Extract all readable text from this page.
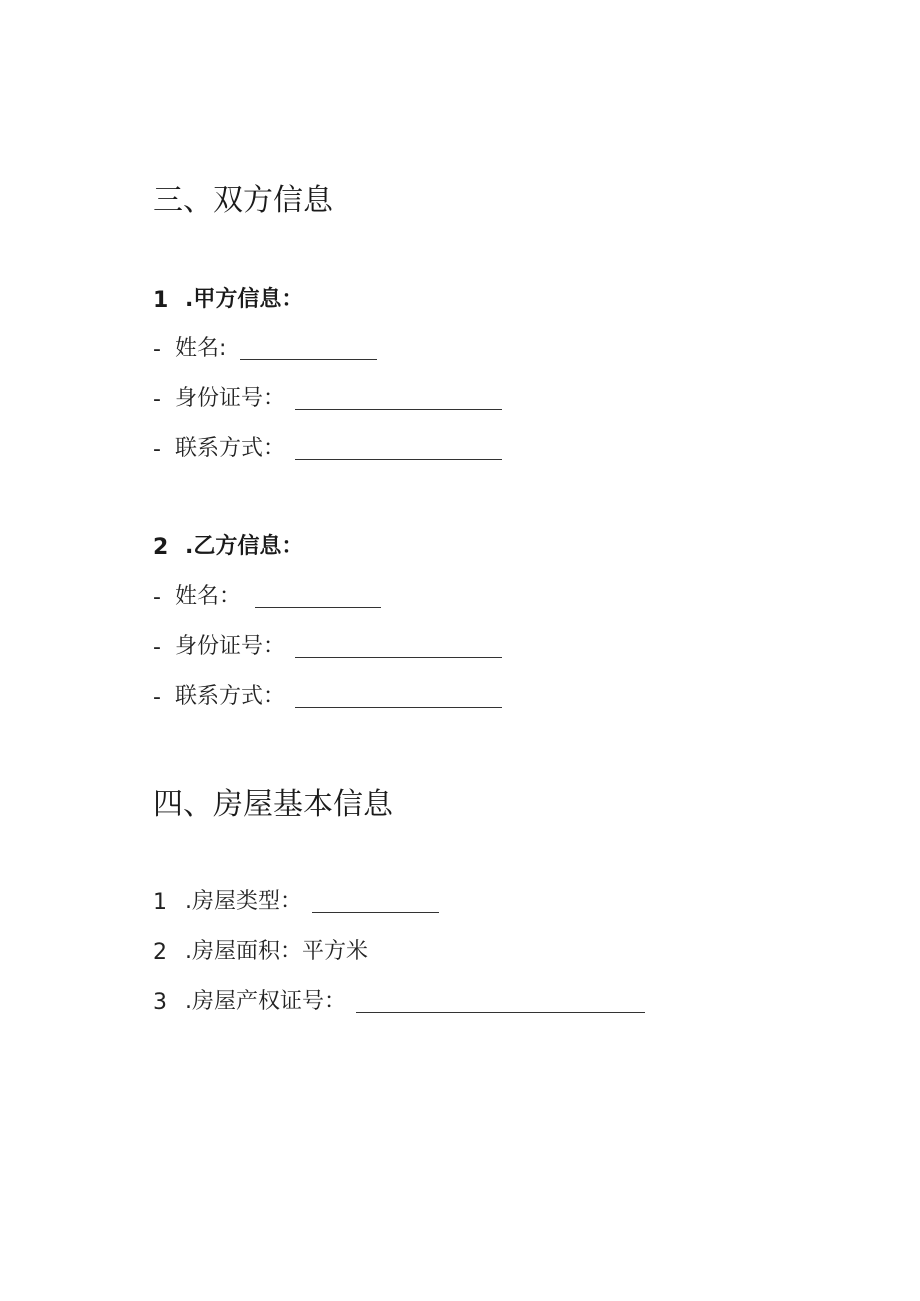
三、双方信息
1 .甲方信息：
- 姓名:
- 身份证号：
- 联系方式：
2 .乙方信息：
- 姓名：
- 身份证号：
- 联系方式：
四、房屋基本信息
1 .房屋类型：
2 .房屋面积：平方米
3 .房屋产权证号：
